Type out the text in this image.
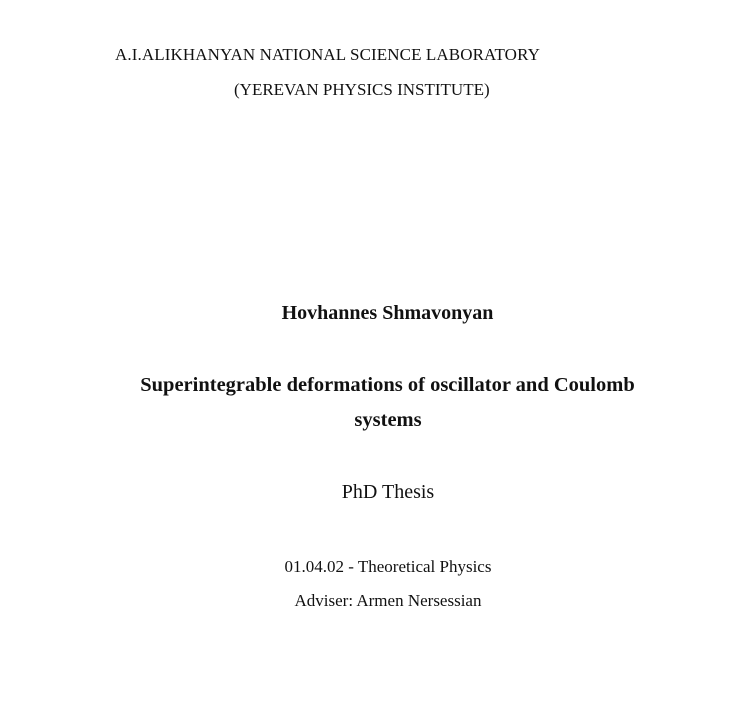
A.I.ALIKHANYAN NATIONAL SCIENCE LABORATORY
(YEREVAN PHYSICS INSTITUTE)
Hovhannes Shmavonyan
Superintegrable deformations of oscillator and Coulomb
systems
PhD Thesis
01.04.02 - Theoretical Physics
Adviser: Armen Nersessian
